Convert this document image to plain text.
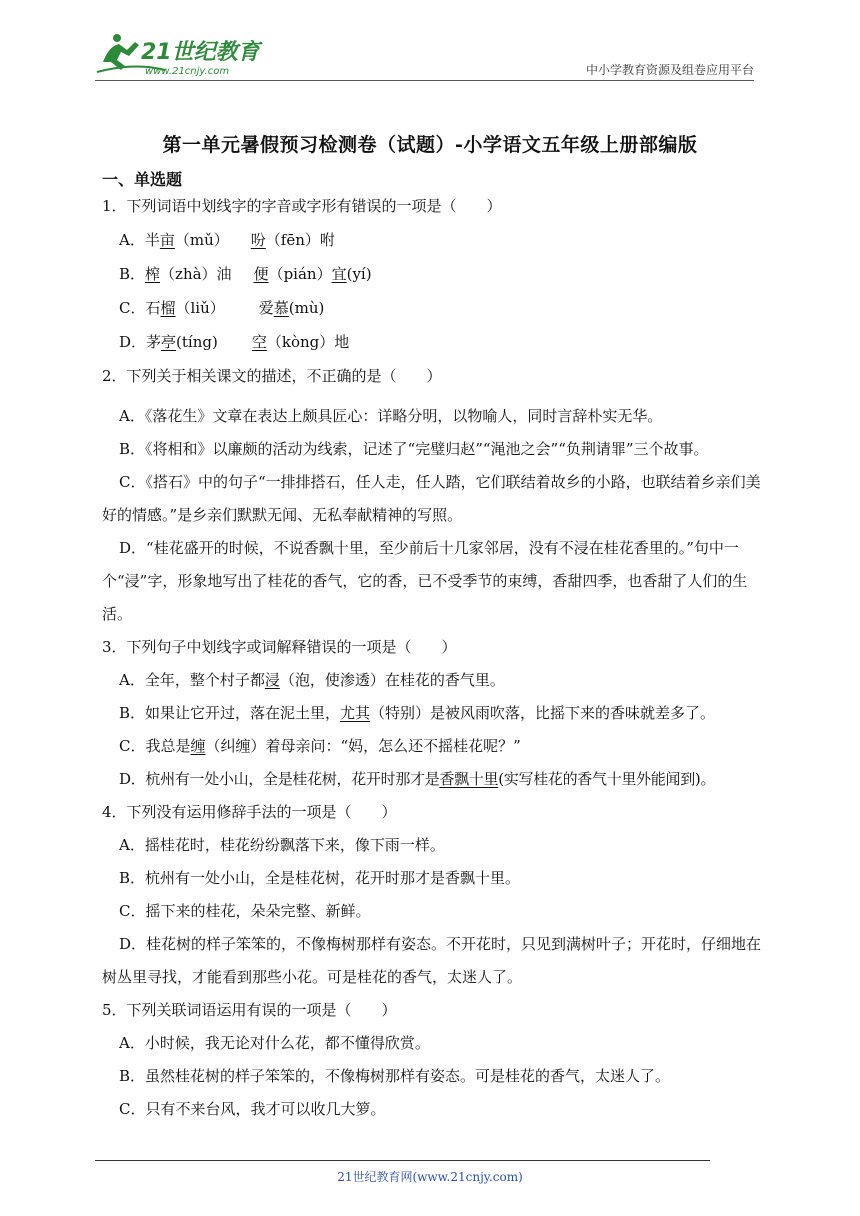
21世纪教育
www.21cnjy.com	中小学教育资源及组卷应用平台
第一单元暑假预习检测卷（试题）-小学语文五年级上册部编版
一、单选题

1．下列词语中划线字的字音或字形有错误的一项是（　　）

A．半亩（mǔ） 吩（fēn）咐

B．榨（zhà）油 便（pián）宜(yí)

C．石榴（liǔ） 爱慕(mù)

D．茅亭(tíng) 空（kòng）地

2．下列关于相关课文的描述，不正确的是（　　）

A．《落花生》文章在表达上颇具匠心：详略分明，以物喻人，同时言辞朴实无华。

B．《将相和》以廉颇的活动为线索，记述了“完璧归赵”“渑池之会”“负荆请罪”三个故事。

C．《搭石》中的句子“一排排搭石，任人走，任人踏，它们联结着故乡的小路，也联结着乡亲们美好的情感。”是乡亲们默默无闻、无私奉献精神的写照。

D．“桂花盛开的时候，不说香飘十里，至少前后十几家邻居，没有不浸在桂花香里的。”句中一个“浸”字，形象地写出了桂花的香气，它的香，已不受季节的束缚，香甜四季，也香甜了人们的生活。

3．下列句子中划线字或词解释错误的一项是（　　）

A．全年，整个村子都浸（泡，使渗透）在桂花的香气里。

B．如果让它开过，落在泥土里，尤其（特别）是被风雨吹落，比摇下来的香味就差多了。

C．我总是缠（纠缠）着母亲问：“妈，怎么还不摇桂花呢？”

D．杭州有一处小山，全是桂花树，花开时那才是香飘十里(实写桂花的香气十里外能闻到)。

4．下列没有运用修辞手法的一项是（　　）

A．摇桂花时，桂花纷纷飘落下来，像下雨一样。

B．杭州有一处小山，全是桂花树，花开时那才是香飘十里。

C．摇下来的桂花，朵朵完整、新鲜。

D．桂花树的样子笨笨的，不像梅树那样有姿态。不开花时，只见到满树叶子；开花时，仔细地在树丛里寻找，才能看到那些小花。可是桂花的香气，太迷人了。

5．下列关联词语运用有误的一项是（　　）

A．小时候，我无论对什么花，都不懂得欣赏。

B．虽然桂花树的样子笨笨的，不像梅树那样有姿态。可是桂花的香气，太迷人了。

C．只有不来台风，我才可以收几大箩。

21世纪教育网(www.21cnjy.com)
